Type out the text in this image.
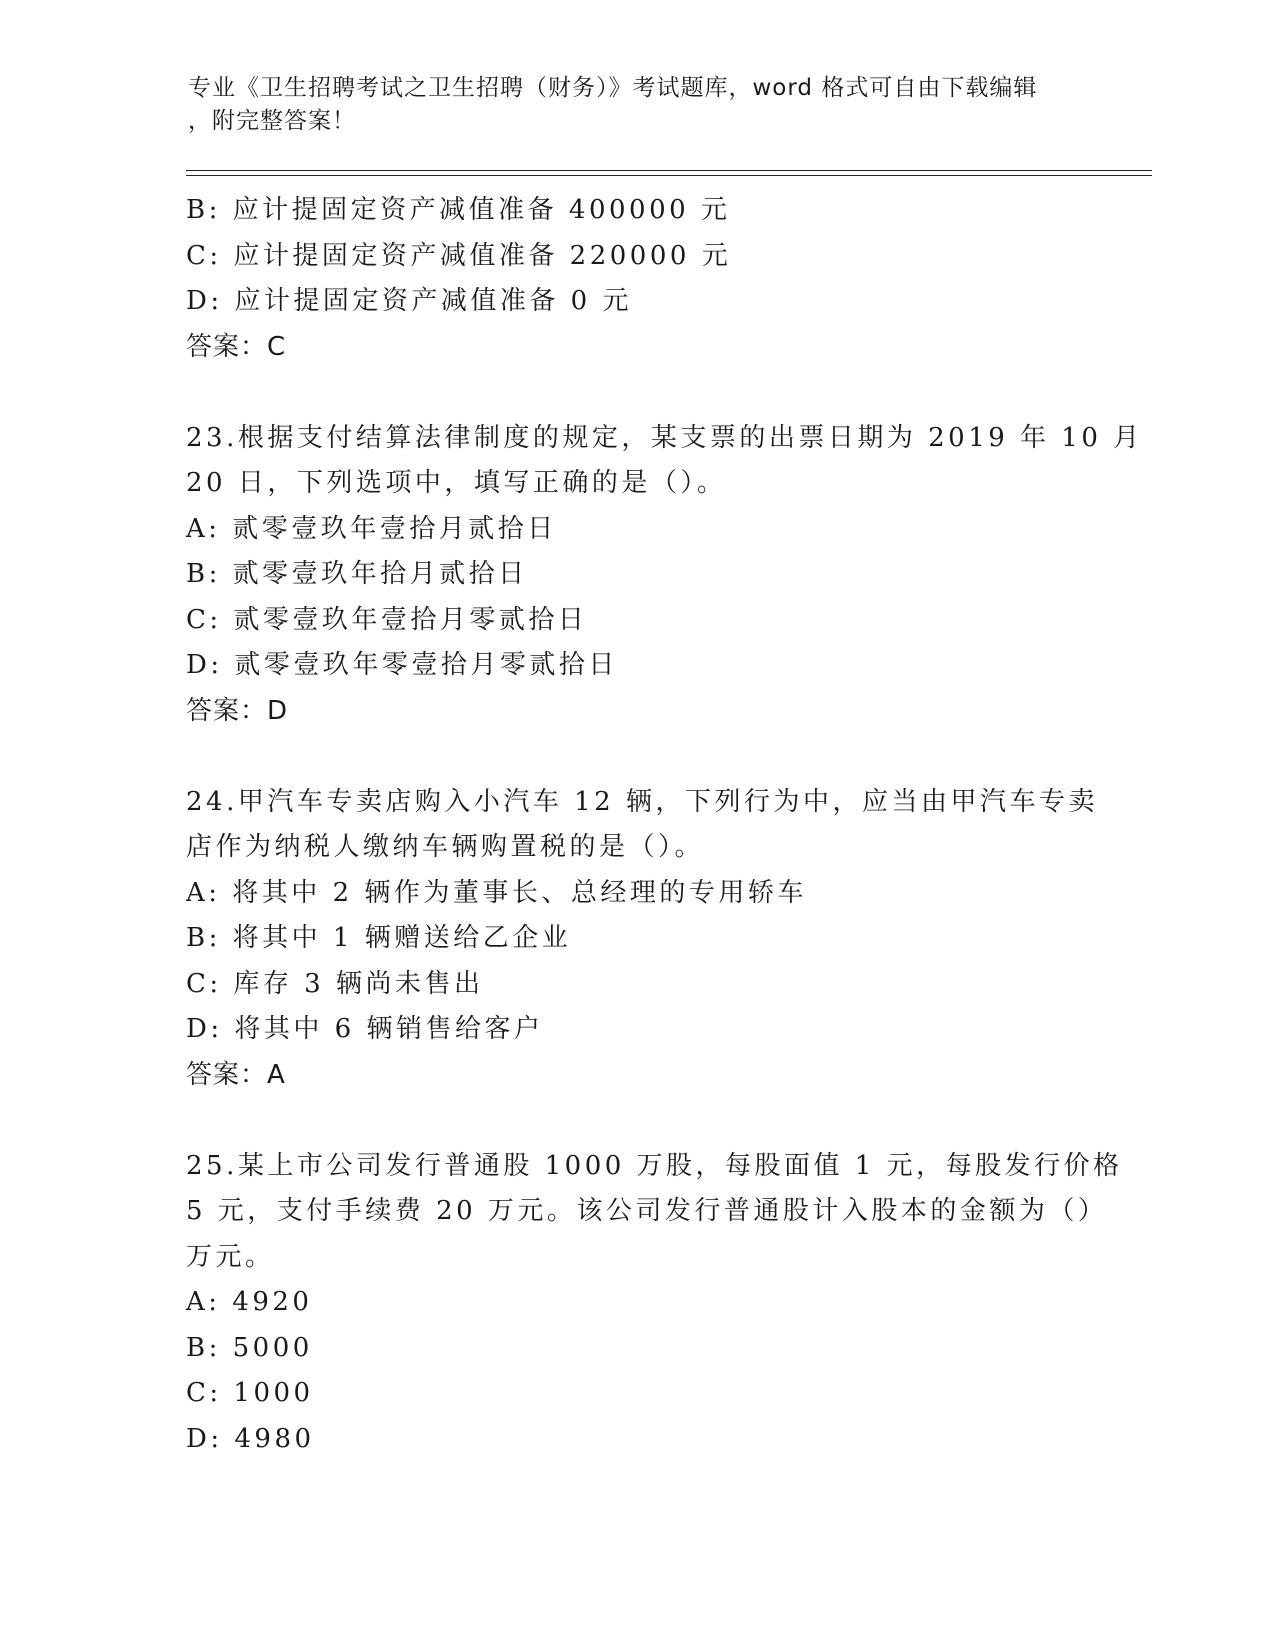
专业《卫生招聘考试之卫生招聘（财务）》考试题库，word 格式可自由下载编辑
，附完整答案！
B: 应计提固定资产减值准备 400000 元
C: 应计提固定资产减值准备 220000 元
D: 应计提固定资产减值准备 0 元
答案：C
23.根据支付结算法律制度的规定，某支票的出票日期为 2019 年 10 月
20 日，下列选项中，填写正确的是（）。
A: 贰零壹玖年壹拾月贰拾日
B: 贰零壹玖年拾月贰拾日
C: 贰零壹玖年壹拾月零贰拾日
D: 贰零壹玖年零壹拾月零贰拾日
答案：D
24.甲汽车专卖店购入小汽车 12 辆，下列行为中，应当由甲汽车专卖
店作为纳税人缴纳车辆购置税的是（）。
A: 将其中 2 辆作为董事长、总经理的专用轿车
B: 将其中 1 辆赠送给乙企业
C: 库存 3 辆尚未售出
D: 将其中 6 辆销售给客户
答案：A
25.某上市公司发行普通股 1000 万股，每股面值 1 元，每股发行价格
5 元，支付手续费 20 万元。该公司发行普通股计入股本的金额为（）
万元。
A: 4920
B: 5000
C: 1000
D: 4980
